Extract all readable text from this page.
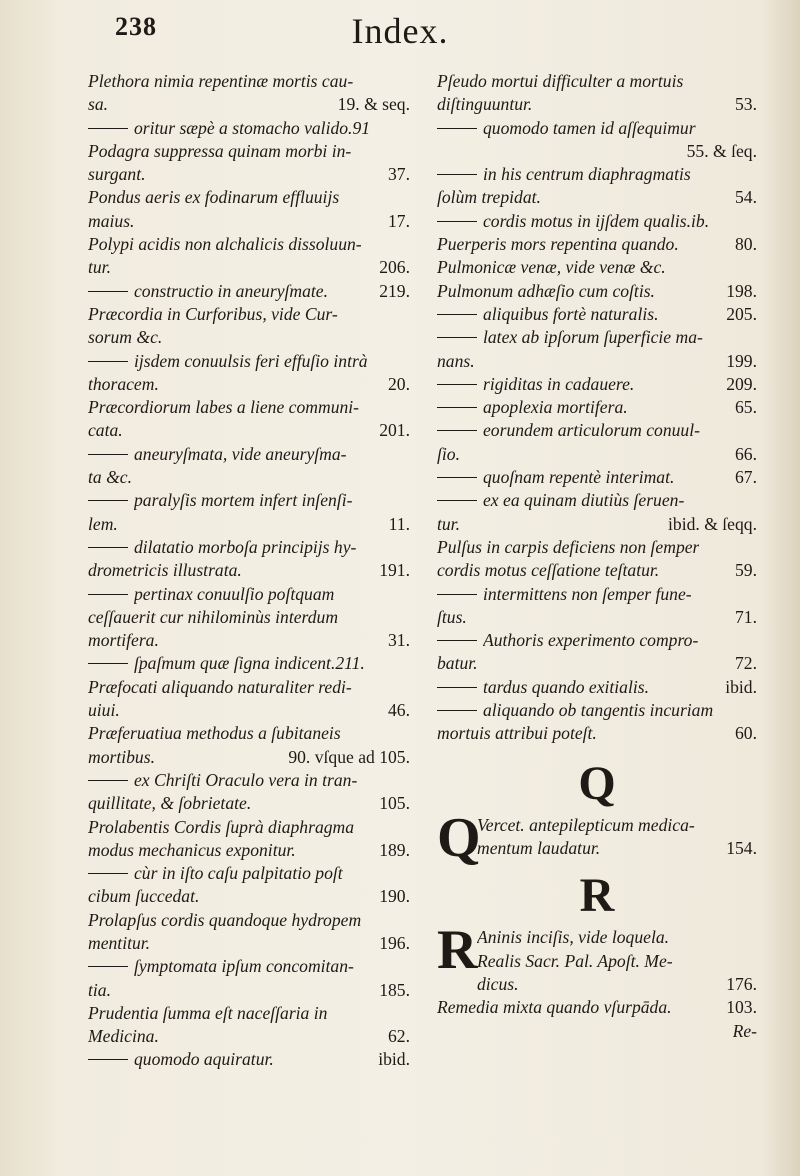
238	Index.
Plethora nimia repentinæ mortis cau-
sa.	19. & seq.
oritur sæpè a stomacho valido.91
Podagra suppressa quinam morbi in-
surgant.	37.
Pondus aeris ex fodinarum effluuijs
maius.	17.
Polypi acidis non alchalicis dissoluun-
tur.	206.
constructio in aneuryſmate.	219.
Præcordia in Curforibus, vide Cur-
sorum &c.
ijsdem conuulsis feri effuſio intrà
thoracem.	20.
Præcordiorum labes a liene communi-
cata.	201.
aneuryſmata, vide aneuryſma-
ta &c.
paralyſis mortem infert inſenſi-
lem.	11.
dilatatio morboſa principijs hy-
drometricis illustrata.	191.
pertinax conuulſio poſtquam
ceſſauerit cur nihilominùs interdum
mortifera.	31.
ſpaſmum quæ ſigna indicent.211.
Præfocati aliquando naturaliter redi-
uiui.	46.
Præferuatiua methodus a ſubitaneis
mortibus.	90. vſque ad 105.
ex Chriſti Oraculo vera in tran-
quillitate, & ſobrietate.	105.
Prolabentis Cordis ſuprà diaphragma
modus mechanicus exponitur.	189.
cùr in iſto caſu palpitatio poſt
cibum ſuccedat.	190.
Prolapſus cordis quandoque hydropem
mentitur.	196.
ſymptomata ipſum concomitan-
tia.	185.
Prudentia ſumma eſt naceſſaria in
Medicina.	62.
quomodo aquiratur.	ibid.
Pſeudo mortui difficulter a mortuis
diſtinguuntur.	53.
quomodo tamen id aſſequimur
55. & ſeq.
in his centrum diaphragmatis
ſolùm trepidat.	54.
cordis motus in ijſdem qualis.ib.
Puerperis mors repentina quando.	80.
Pulmonicæ venæ, vide venæ &c.
Pulmonum adhæſio cum coſtis.	198.
aliquibus fortè naturalis.	205.
latex ab ipſorum ſuperficie ma-
nans.	199.
rigiditas in cadauere.	209.
apoplexia mortifera.	65.
eorundem articulorum conuul-
ſio.	66.
quoſnam repentè interimat.	67.
ex ea quinam diutiùs ſeruen-
tur.	ibid. & ſeqq.
Pulſus in carpis deficiens non ſemper
cordis motus ceſſatione teſtatur.	59.
intermittens non ſemper fune-
ſtus.	71.
Authoris experimento compro-
batur.	72.
tardus quando exitialis.	ibid.
aliquando ob tangentis incuriam
mortuis attribui poteſt.	60.
Q
Q
Vercet. antepilepticum medica-
mentum laudatur.	154.
R
R Aninis inciſis, vide loquela.
Realis Sacr. Pal. Apoſt. Me-
dicus.	176.
Remedia mixta quando vſurpāda.	103.
Re-
